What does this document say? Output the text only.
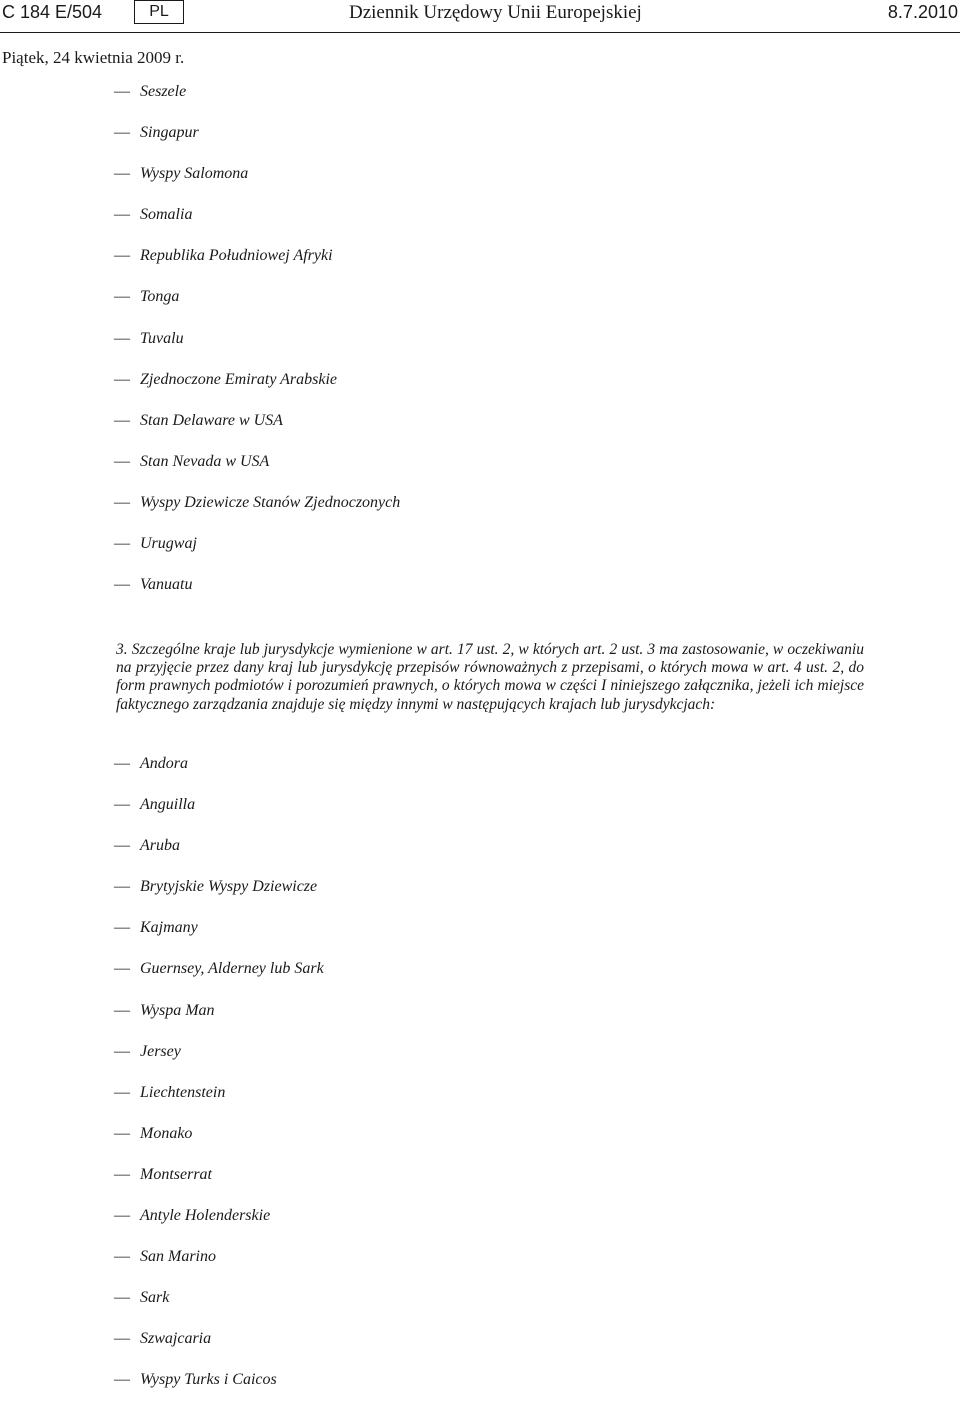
C 184 E/504	PL	Dziennik Urzędowy Unii Europejskiej	8.7.2010
Piątek, 24 kwietnia 2009 r.
— Seszele
— Singapur
— Wyspy Salomona
— Somalia
— Republika Południowej Afryki
— Tonga
— Tuvalu
— Zjednoczone Emiraty Arabskie
— Stan Delaware w USA
— Stan Nevada w USA
— Wyspy Dziewicze Stanów Zjednoczonych
— Urugwaj
— Vanuatu

3. Szczególne kraje lub jurysdykcje wymienione w art. 17 ust. 2, w których art. 2 ust. 3 ma zastosowanie, w oczekiwaniu na przyjęcie przez dany kraj lub jurysdykcję przepisów równoważnych z przepisami, o których mowa w art. 4 ust. 2, do form prawnych podmiotów i porozumień prawnych, o których mowa w części I niniejszego załącznika, jeżeli ich miejsce faktycznego zarządzania znajduje się między innymi w następujących krajach lub jurysdykcjach:

— Andora
— Anguilla
— Aruba
— Brytyjskie Wyspy Dziewicze
— Kajmany
— Guernsey, Alderney lub Sark
— Wyspa Man
— Jersey
— Liechtenstein
— Monako
— Montserrat
— Antyle Holenderskie
— San Marino
— Sark
— Szwajcaria
— Wyspy Turks i Caicos
